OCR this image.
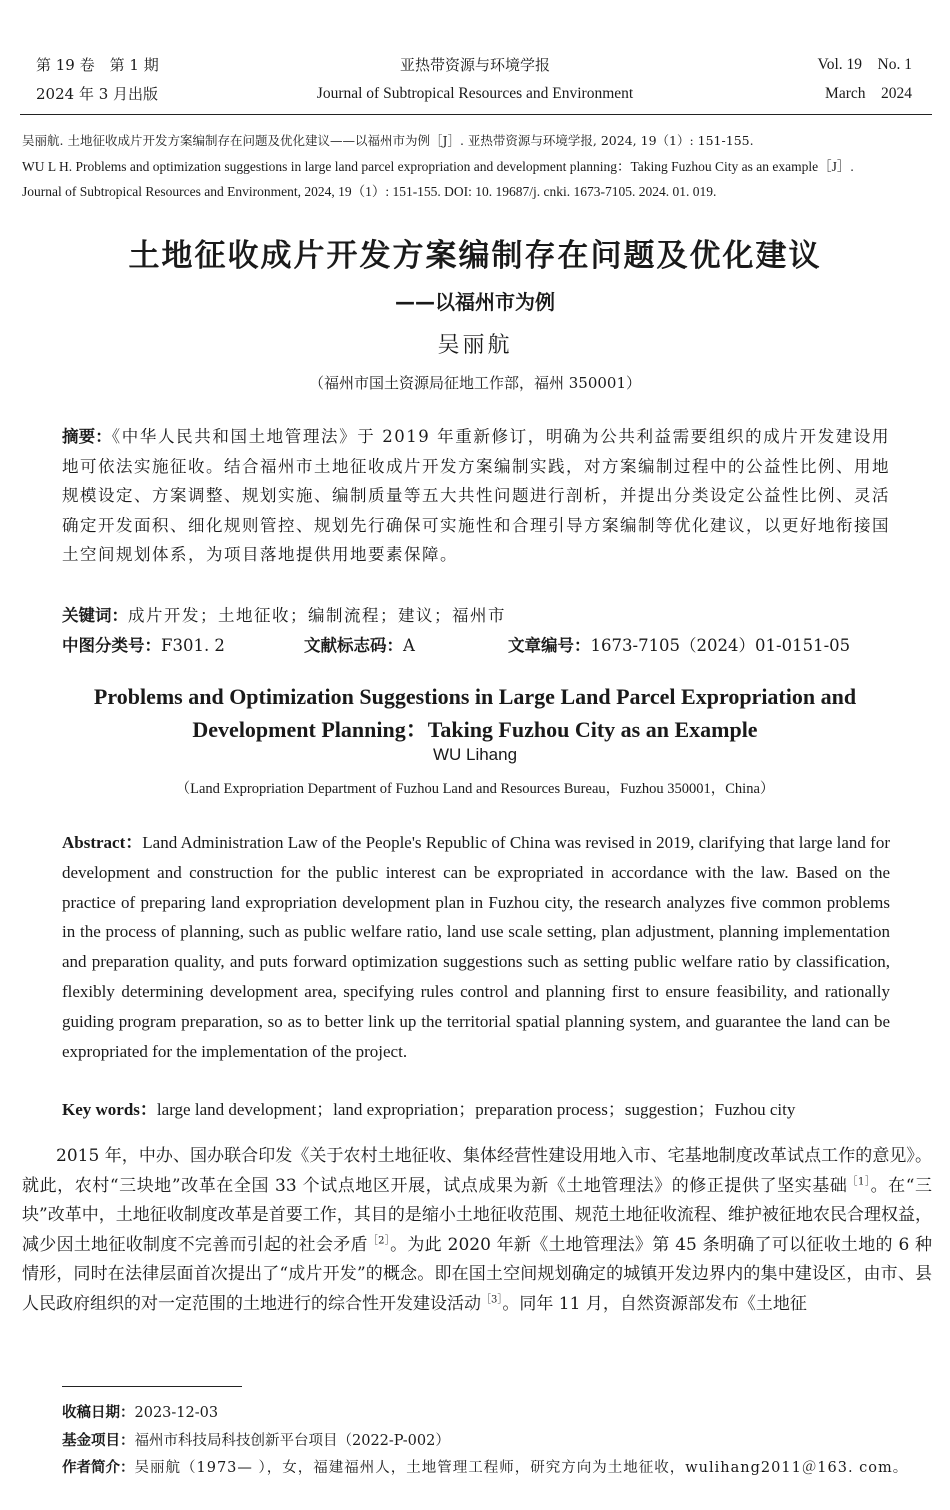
第 19 卷　第 1 期
2024 年 3 月出版
亚热带资源与环境学报
Journal of Subtropical Resources and Environment
Vol. 19　No. 1
March　2024
吴丽航. 土地征收成片开发方案编制存在问题及优化建议——以福州市为例［J］. 亚热带资源与环境学报, 2024, 19（1）: 151-155.
WU L H. Problems and optimization suggestions in large land parcel expropriation and development planning：Taking Fuzhou City as an example［J］.
Journal of Subtropical Resources and Environment, 2024, 19（1）: 151-155. DOI: 10. 19687/j. cnki. 1673-7105. 2024. 01. 019.
土地征收成片开发方案编制存在问题及优化建议
——以福州市为例
吴丽航
（福州市国土资源局征地工作部，福州 350001）
摘要：《中华人民共和国土地管理法》于 2019 年重新修订，明确为公共利益需要组织的成片开发建设用地可依法实施征收。结合福州市土地征收成片开发方案编制实践，对方案编制过程中的公益性比例、用地规模设定、方案调整、规划实施、编制质量等五大共性问题进行剖析，并提出分类设定公益性比例、灵活确定开发面积、细化规则管控、规划先行确保可实施性和合理引导方案编制等优化建议，以更好地衔接国土空间规划体系，为项目落地提供用地要素保障。
关键词：成片开发；土地征收；编制流程；建议；福州市
中图分类号：F301. 2	文献标志码：A	文章编号：1673-7105（2024）01-0151-05
Problems and Optimization Suggestions in Large Land Parcel Expropriation and Development Planning：Taking Fuzhou City as an Example
WU Lihang
（Land Expropriation Department of Fuzhou Land and Resources Bureau，Fuzhou 350001，China）
Abstract：Land Administration Law of the People's Republic of China was revised in 2019, clarifying that large land for development and construction for the public interest can be expropriated in accordance with the law. Based on the practice of preparing land expropriation development plan in Fuzhou city, the research analyzes five common problems in the process of planning, such as public welfare ratio, land use scale setting, plan adjustment, planning implementation and preparation quality, and puts forward optimization suggestions such as setting public welfare ratio by classification, flexibly determining development area, specifying rules control and planning first to ensure feasibility, and rationally guiding program preparation, so as to better link up the territorial spatial planning system, and guarantee the land can be expropriated for the implementation of the project.
Key words：large land development；land expropriation；preparation process；suggestion；Fuzhou city
2015 年，中办、国办联合印发《关于农村土地征收、集体经营性建设用地入市、宅基地制度改革试点工作的意见》。就此，农村“三块地”改革在全国 33 个试点地区开展，试点成果为新《土地管理法》的修正提供了坚实基础$^{[1]}$。在“三块”改革中，土地征收制度改革是首要工作，其目的是缩小土地征收范围、规范土地征收流程、维护被征地农民合理权益，减少因土地征收制度不完善而引起的社会矛盾$^{[2]}$。为此 2020 年新《土地管理法》第 45 条明确了可以征收土地的 6 种情形，同时在法律层面首次提出了“成片开发”的概念。即在国土空间规划确定的城镇开发边界内的集中建设区，由市、县人民政府组织的对一定范围的土地进行的综合性开发建设活动$^{[3]}$。同年 11 月，自然资源部发布《土地征
收稿日期：2023-12-03
基金项目：福州市科技局科技创新平台项目（2022-P-002）
作者简介：吴丽航（1973— ），女，福建福州人，土地管理工程师，研究方向为土地征收，wulihang2011＠163. com。
